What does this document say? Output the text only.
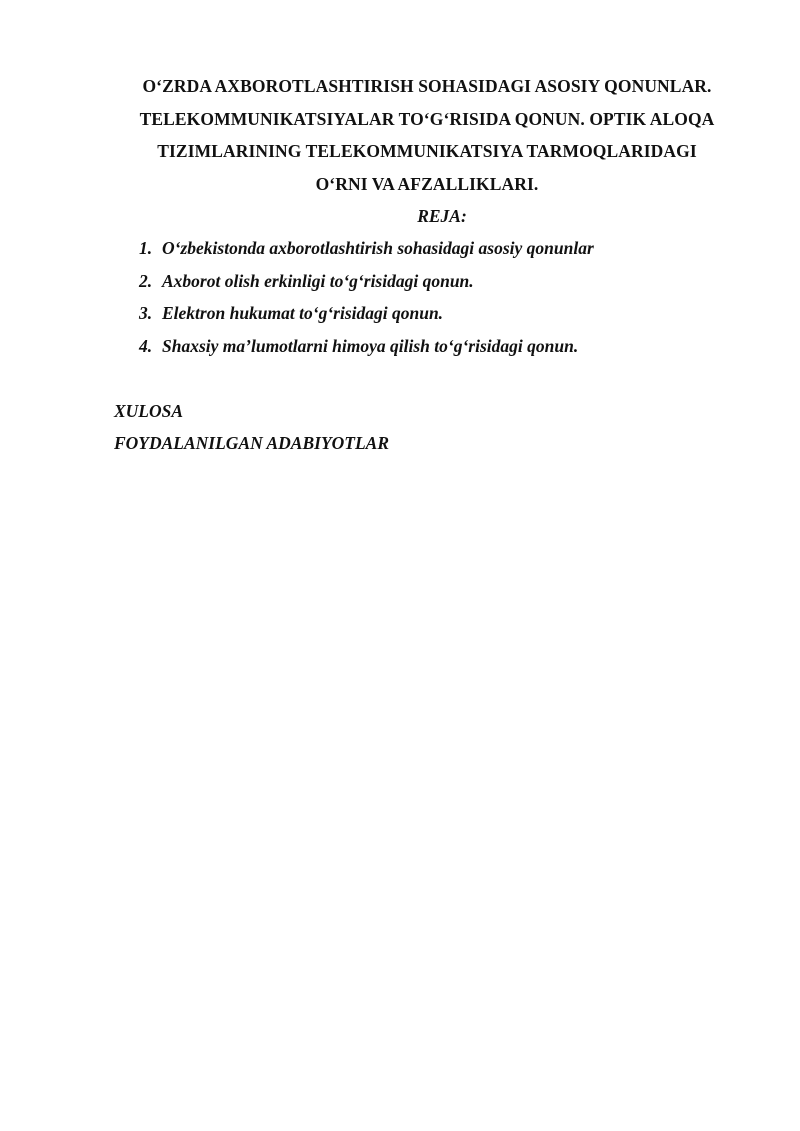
O‘ZRDA AXBOROTLASHTIRISH SOHASIDAGI ASOSIY QONUNLAR.
TELEKOMMUNIKATSIYALAR TO‘G‘RISIDA QONUN. OPTIK ALOQA
TIZIMLARINING TELEKOMMUNIKATSIYA TARMOQLARIDAGI
O‘RNI VA AFZALLIKLARI.

REJA:

1. O‘zbekistonda axborotlashtirish sohasidagi asosiy qonunlar
2. Axborot olish erkinligi to‘g‘risidagi qonun.
3. Elektron hukumat to‘g‘risidagi qonun.
4. Shaxsiy ma’lumotlarni himoya qilish to‘g‘risidagi qonun.

XULOSA

FOYDALANILGAN ADABIYOTLAR
